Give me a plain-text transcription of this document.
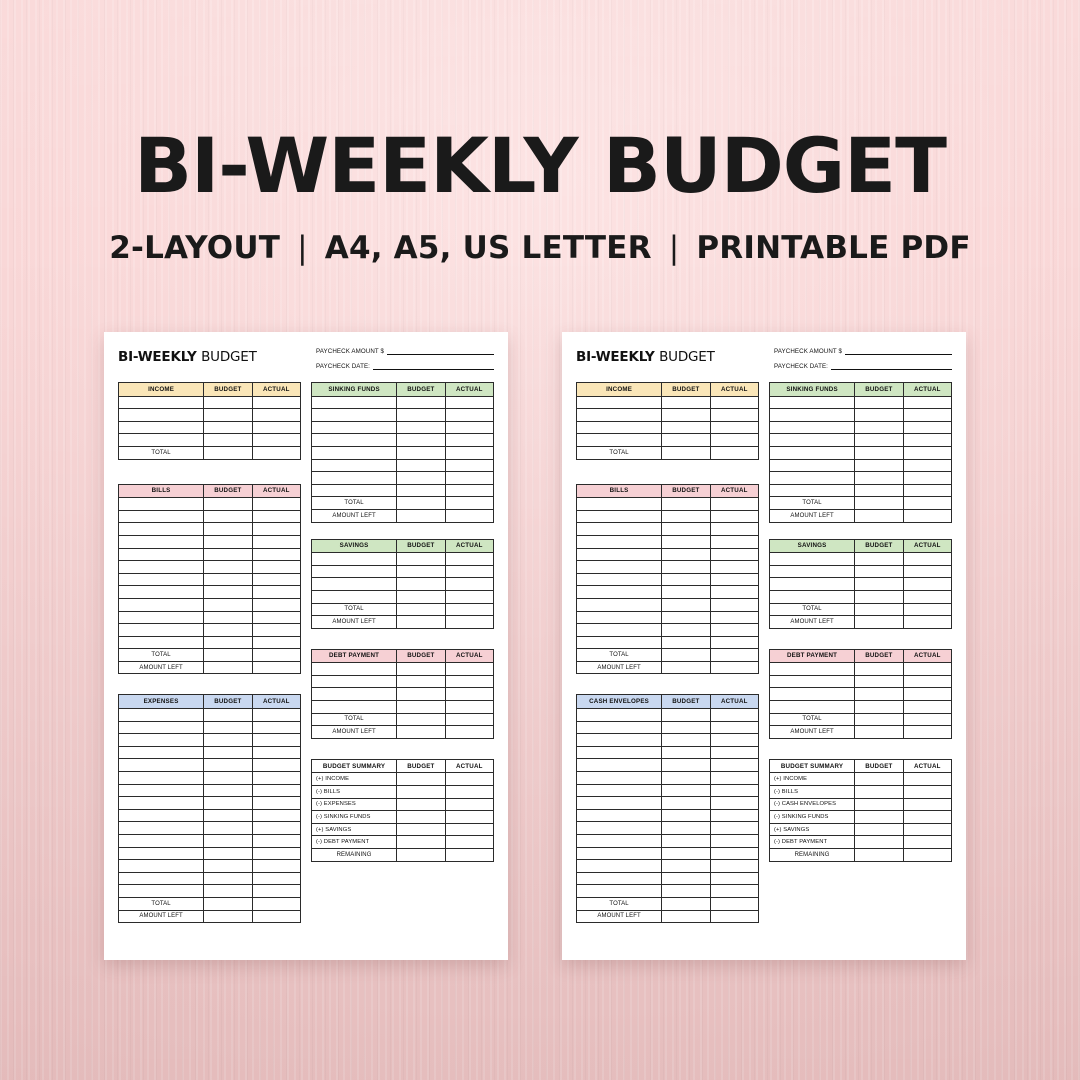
BI-WEEKLY BUDGET
2-LAYOUT | A4, A5, US LETTER | PRINTABLE PDF
BI-WEEKLY BUDGET	PAYCHECK AMOUNT $
PAYCHECK DATE:
INCOME	BUDGET	ACTUAL

TOTAL		
BILLS	BUDGET	ACTUAL

TOTAL		
AMOUNT LEFT		
EXPENSES	BUDGET	ACTUAL

TOTAL		
AMOUNT LEFT		
SINKING FUNDS	BUDGET	ACTUAL

TOTAL		
AMOUNT LEFT		
SAVINGS	BUDGET	ACTUAL

TOTAL		
AMOUNT LEFT		
DEBT PAYMENT	BUDGET	ACTUAL

TOTAL		
AMOUNT LEFT		
BUDGET SUMMARY	BUDGET	ACTUAL
(+) INCOME		
(-) BILLS		
(-) EXPENSES		
(-) SINKING FUNDS		
(+) SAVINGS		
(-) DEBT PAYMENT		
REMAINING		
BI-WEEKLY BUDGET	PAYCHECK AMOUNT $
PAYCHECK DATE:
INCOME	BUDGET	ACTUAL

TOTAL		
BILLS	BUDGET	ACTUAL

TOTAL		
AMOUNT LEFT		
CASH ENVELOPES	BUDGET	ACTUAL

TOTAL		
AMOUNT LEFT		
SINKING FUNDS	BUDGET	ACTUAL

TOTAL		
AMOUNT LEFT		
SAVINGS	BUDGET	ACTUAL

TOTAL		
AMOUNT LEFT		
DEBT PAYMENT	BUDGET	ACTUAL

TOTAL		
AMOUNT LEFT		
BUDGET SUMMARY	BUDGET	ACTUAL
(+) INCOME		
(-) BILLS		
(-) CASH ENVELOPES		
(-) SINKING FUNDS		
(+) SAVINGS		
(-) DEBT PAYMENT		
REMAINING		
